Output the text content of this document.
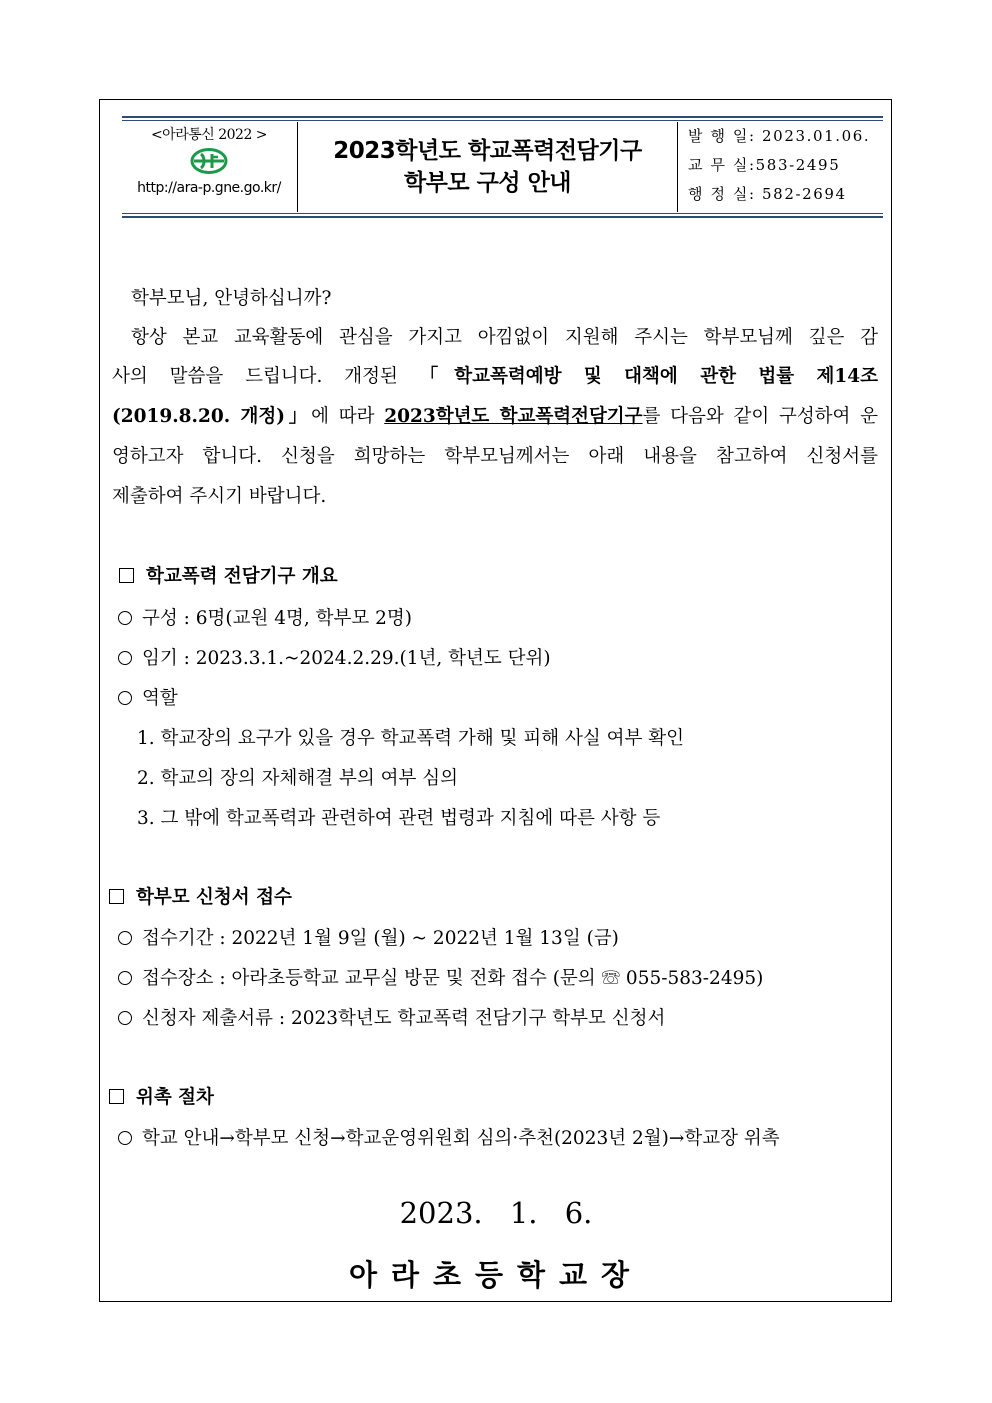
<아라통신 2022 >
http://ara-p.gne.go.kr/
2023학년도 학교폭력전담기구
학부모 구성 안내
발 행 일: 2023.01.06.
교 무 실:583-2495
행 정 실: 582-2694
학부모님, 안녕하십니까?
항상 본교 교육활동에 관심을 가지고 아낌없이 지원해 주시는 학부모님께 깊은 감
사의 말씀을 드립니다. 개정된 「학교폭력예방 및 대책에 관한 법률 제14조
(2019.8.20. 개정)」에 따라 2023학년도 학교폭력전담기구를 다음와 같이 구성하여 운
영하고자 합니다. 신청을 희망하는 학부모님께서는 아래 내용을 참고하여 신청서를
제출하여 주시기 바랍니다.
학교폭력 전담기구 개요
구성 : 6명(교원 4명, 학부모 2명)
임기 : 2023.3.1.~2024.2.29.(1년, 학년도 단위)
역할
1. 학교장의 요구가 있을 경우 학교폭력 가해 및 피해 사실 여부 확인
2. 학교의 장의 자체해결 부의 여부 심의
3. 그 밖에 학교폭력과 관련하여 관련 법령과 지침에 따른 사항 등
학부모 신청서 접수
접수기간 : 2022년 1월 9일 (월) ~ 2022년 1월 13일 (금)
접수장소 : 아라초등학교 교무실 방문 및 전화 접수 (문의 ☏ 055-583-2495)
신청자 제출서류 : 2023학년도 학교폭력 전담기구 학부모 신청서
위촉 절차
학교 안내→학부모 신청→학교운영위원회 심의·추천(2023년 2월)→학교장 위촉
2023. 1. 6.
아라초등학교장
